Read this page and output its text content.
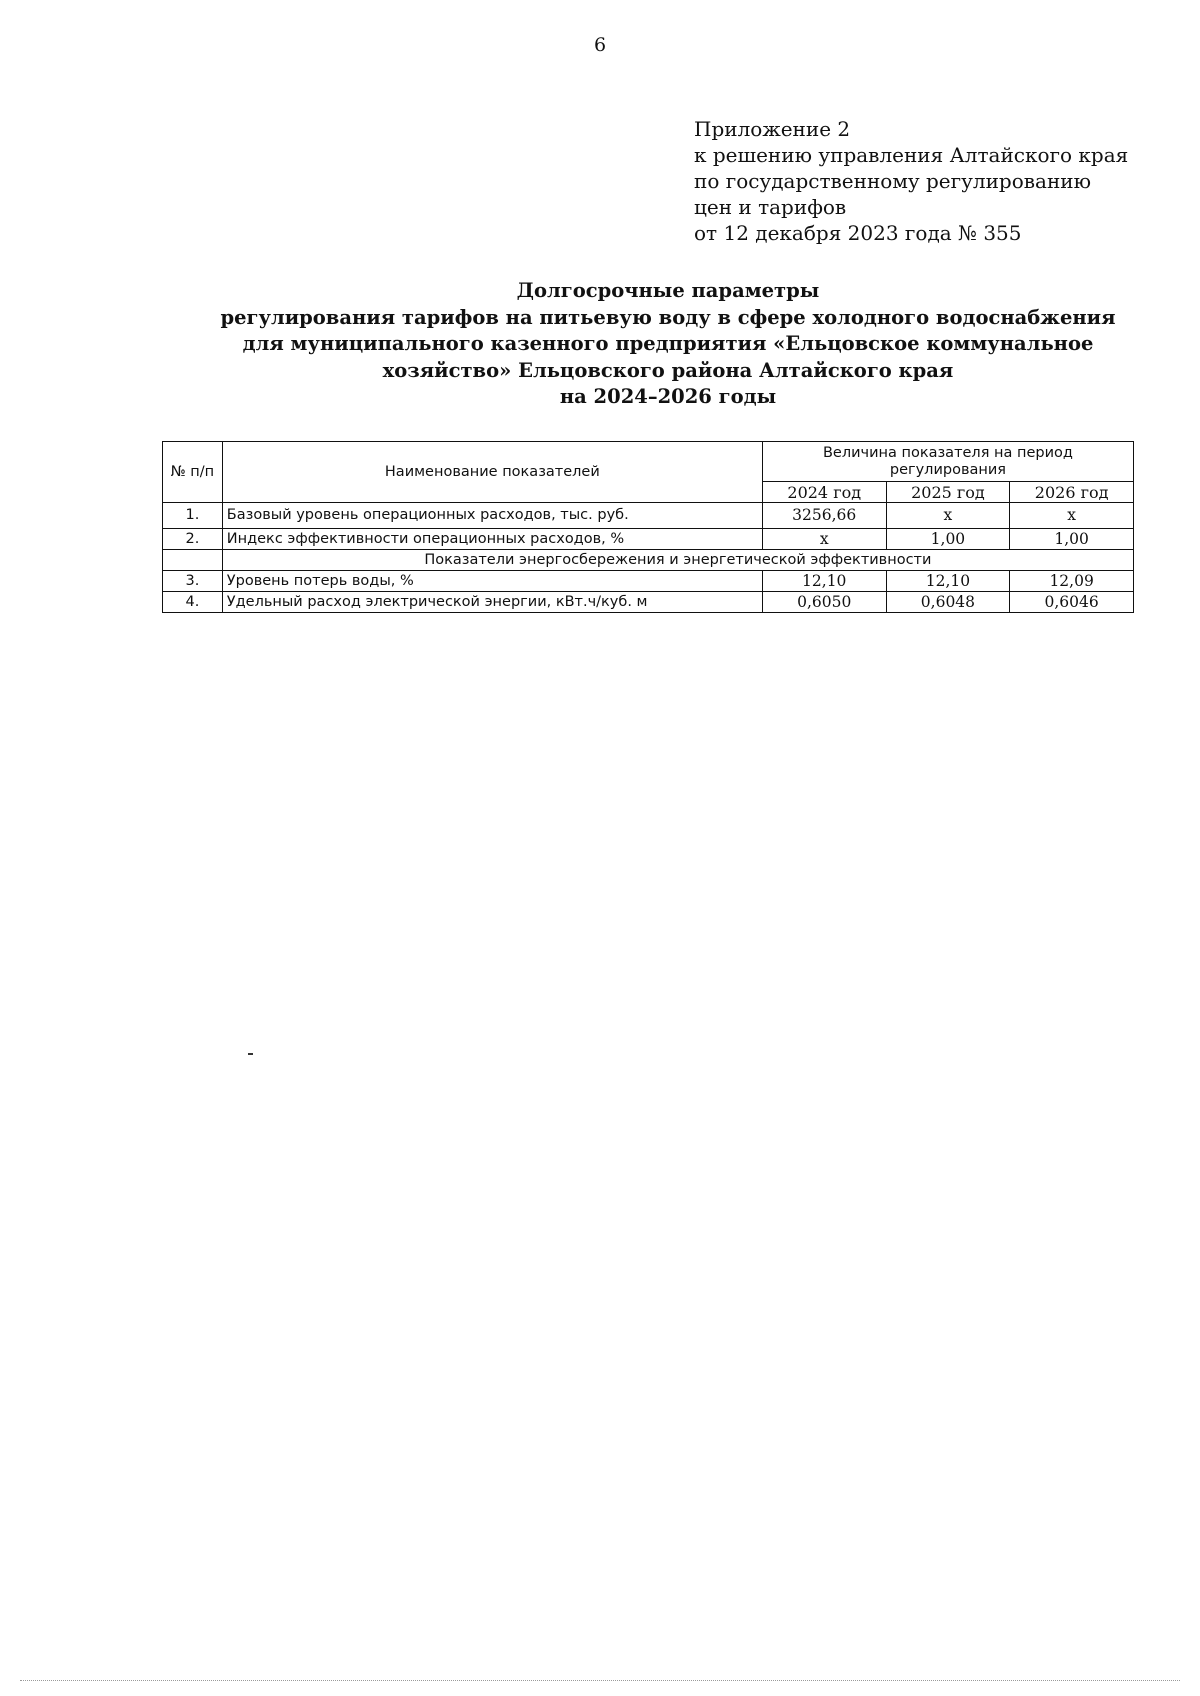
6
Приложение 2
к решению управления Алтайского края
по государственному регулированию
цен и тарифов
от 12 декабря 2023 года № 355
Долгосрочные параметры
регулирования тарифов на питьевую воду в сфере холодного водоснабжения
для муниципального казенного предприятия «Ельцовское коммунальное
хозяйство» Ельцовского района Алтайского края
на 2024–2026 годы
№ п/п	Наименование показателей	Величина показателя на период регулирования		
		2024 год	2025 год	2026 год
1.	Базовый уровень операционных расходов, тыс. руб.	3256,66	х	х
2.	Индекс эффективности операционных расходов, %	х	1,00	1,00
	Показатели энергосбережения и энергетической эффективности			
3.	Уровень потерь воды, %	12,10	12,10	12,09
4.	Удельный расход электрической энергии, кВт.ч/куб. м	0,6050	0,6048	0,6046
